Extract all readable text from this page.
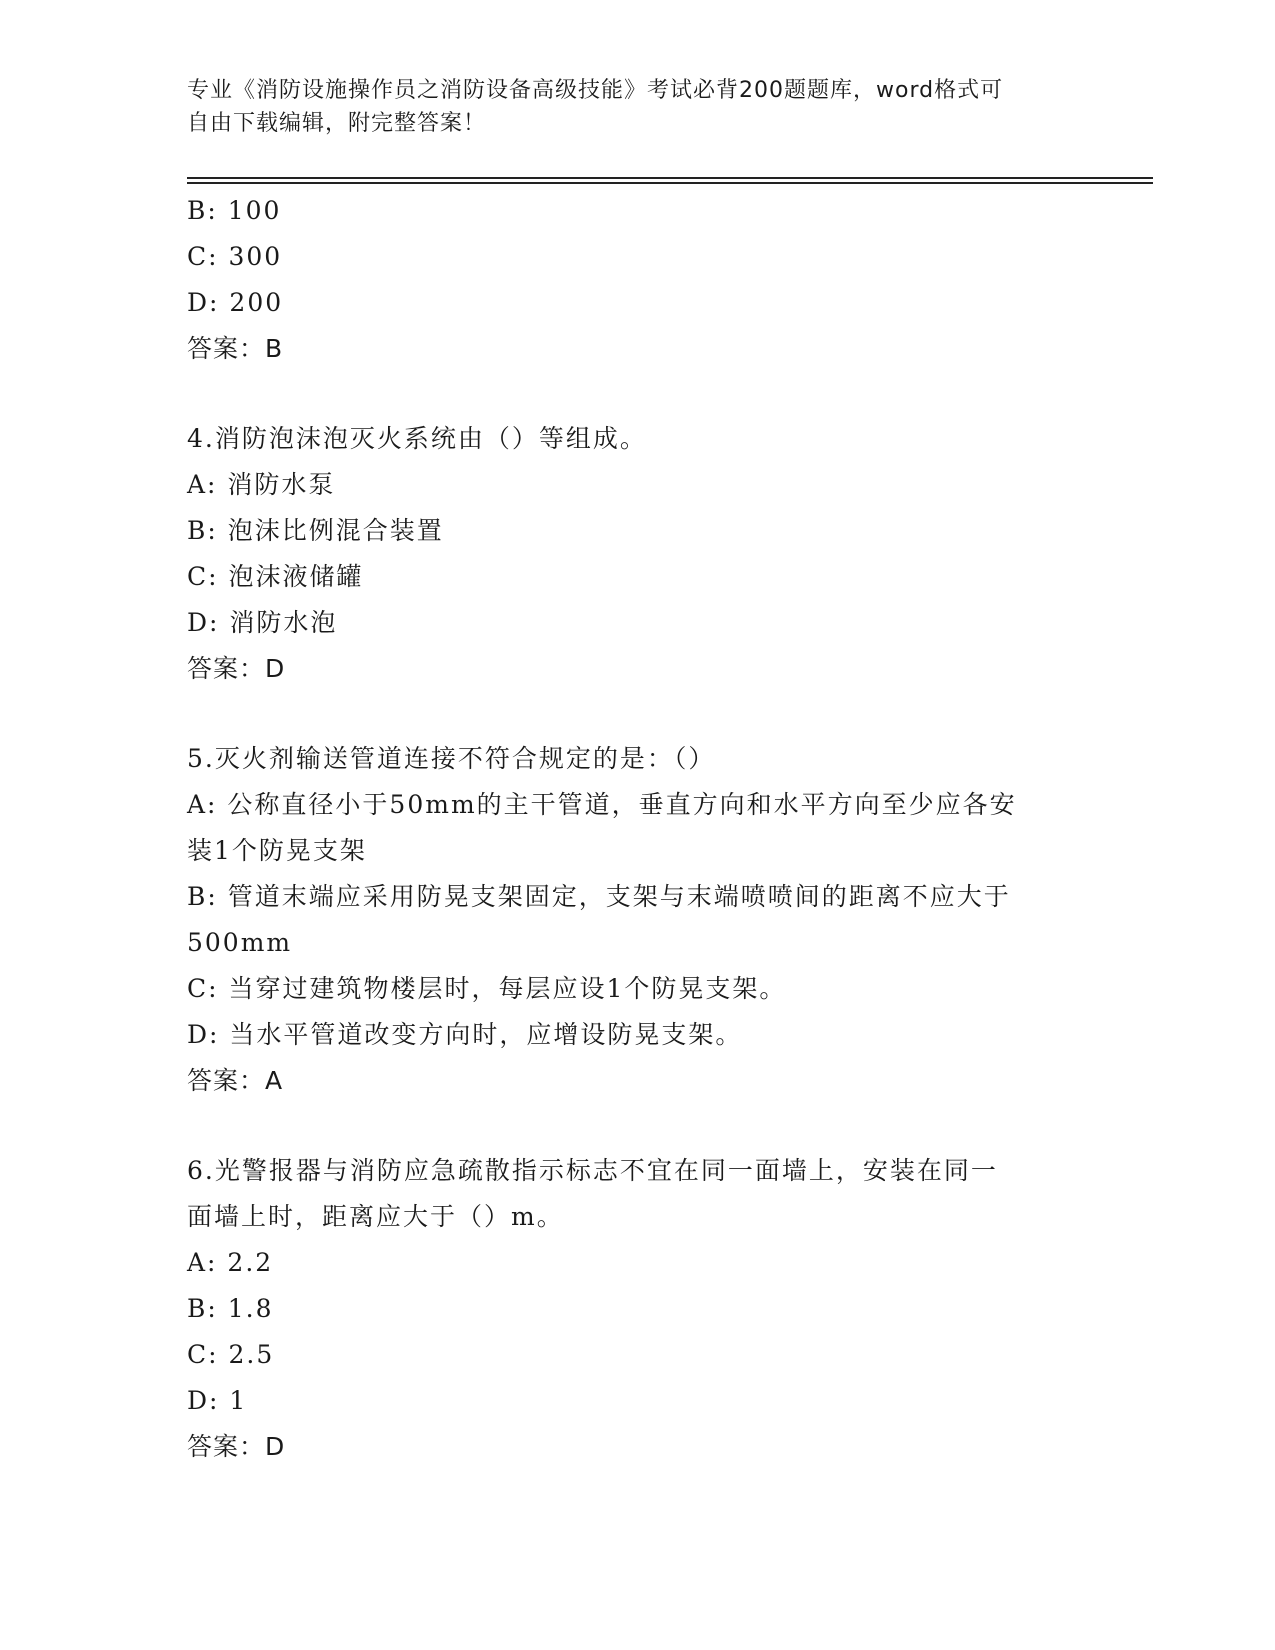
专业《消防设施操作员之消防设备高级技能》考试必背200题题库，word格式可
自由下载编辑，附完整答案！
B: 100
C: 300
D: 200
答案：B
4.消防泡沫泡灭火系统由（）等组成。
A: 消防水泵
B: 泡沫比例混合装置
C: 泡沫液储罐
D: 消防水泡
答案：D
5.灭火剂输送管道连接不符合规定的是：（）
A: 公称直径小于50mm的主干管道，垂直方向和水平方向至少应各安
装1个防晃支架
B: 管道末端应采用防晃支架固定，支架与末端喷喷间的距离不应大于
500mm
C: 当穿过建筑物楼层时，每层应设1个防晃支架。
D: 当水平管道改变方向时，应增设防晃支架。
答案：A
6.光警报器与消防应急疏散指示标志不宜在同一面墙上，安装在同一
面墙上时，距离应大于（）m。
A: 2.2
B: 1.8
C: 2.5
D: 1
答案：D
